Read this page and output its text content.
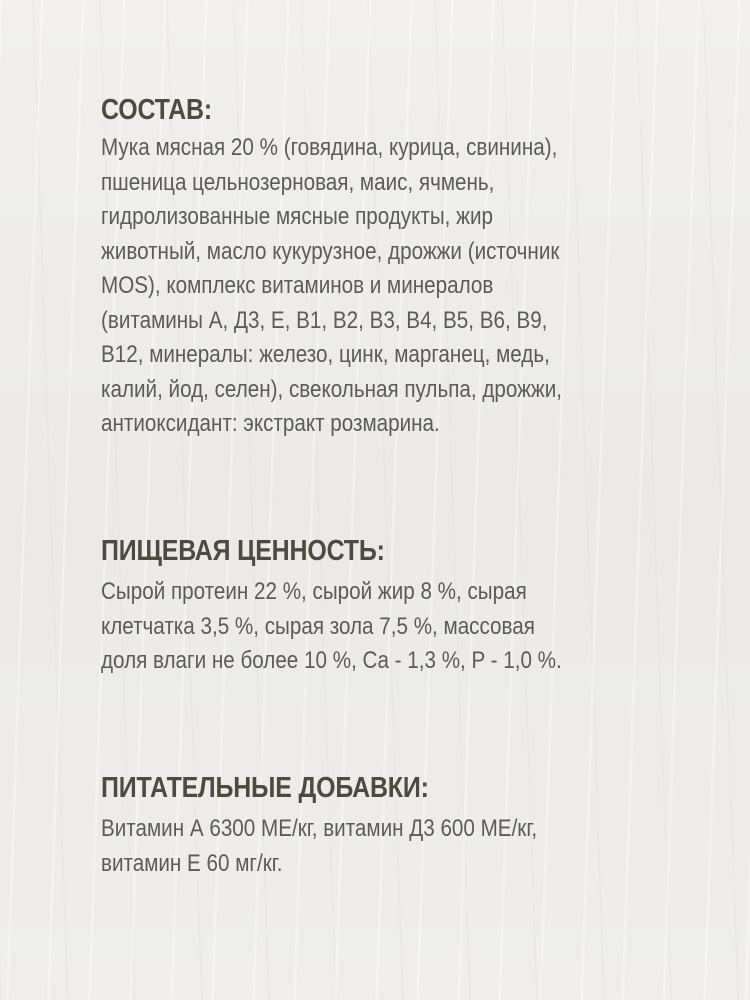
СОСТАВ:

Мука мясная 20 % (говядина, курица, свинина),
пшеница цельнозерновая, маис, ячмень,
гидролизованные мясные продукты, жир
животный, масло кукурузное, дрожжи (источник
MOS), комплекс витаминов и минералов
(витамины А, Д3, Е, В1, В2, В3, В4, В5, В6, В9,
В12, минералы: железо, цинк, марганец, медь,
калий, йод, селен), свекольная пульпа, дрожжи,
антиоксидант: экстракт розмарина.

ПИЩЕВАЯ ЦЕННОСТЬ:

Сырой протеин 22 %, сырой жир 8 %, сырая
клетчатка 3,5 %, сырая зола 7,5 %, массовая
доля влаги не более 10 %, Ca - 1,3 %, P - 1,0 %.

ПИТАТЕЛЬНЫЕ ДОБАВКИ:

Витамин А 6300 МЕ/кг, витамин Д3 600 МЕ/кг,
витамин Е 60 мг/кг.
